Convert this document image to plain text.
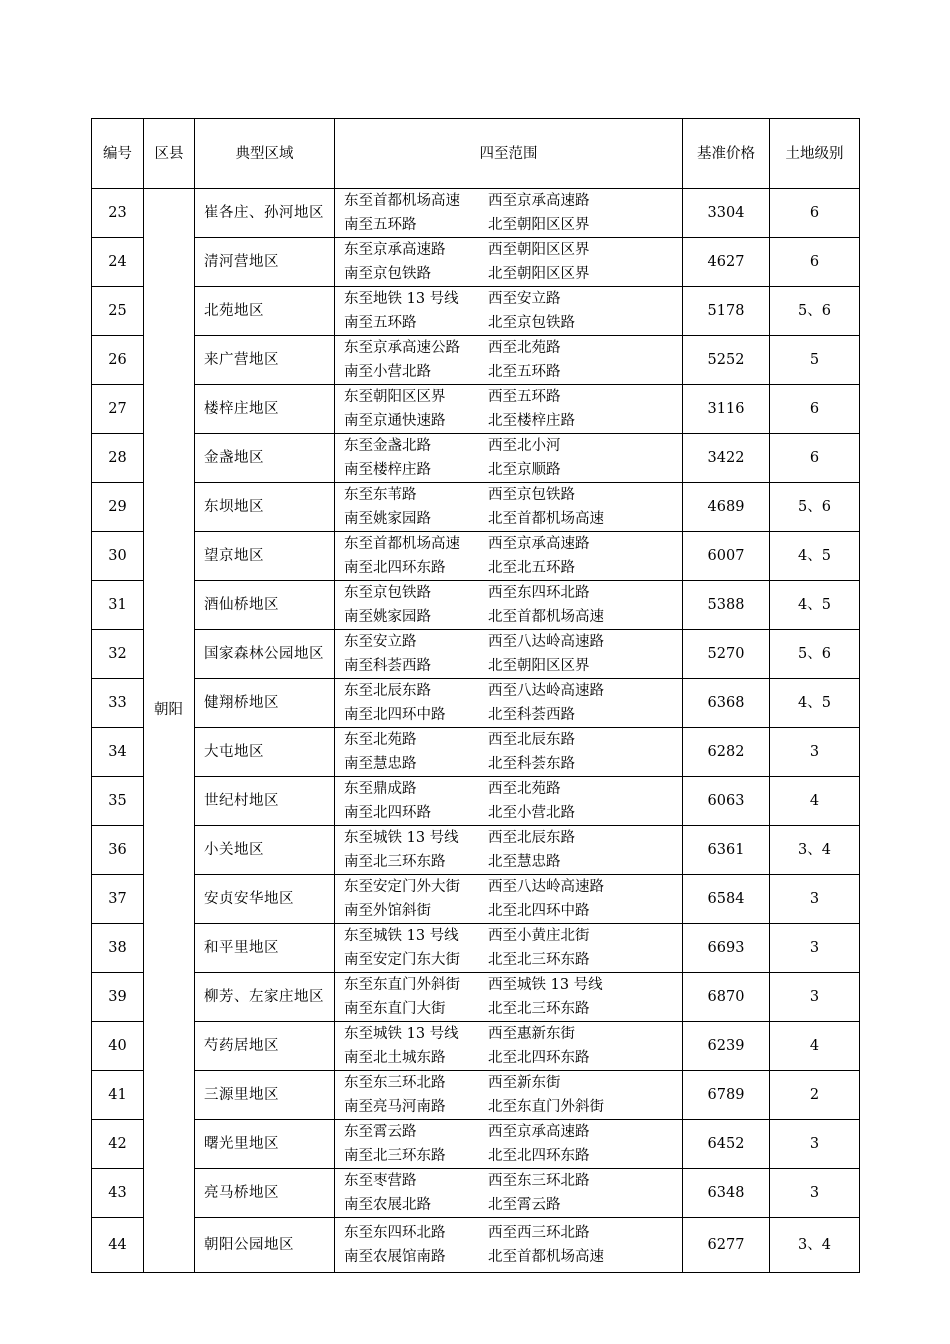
编号	区县	典型区域	四至范围	基准价格	土地级别
23	朝阳	崔各庄、孙河地区	东至首都机场高速 西至京承高速路
南至五环路 北至朝阳区区界	3304	6
24		清河营地区	东至京承高速路 西至朝阳区区界
南至京包铁路 北至朝阳区区界	4627	6
25		北苑地区	东至地铁 13 号线 西至安立路
南至五环路 北至京包铁路	5178	5、6
26		来广营地区	东至京承高速公路 西至北苑路
南至小营北路 北至五环路	5252	5
27		楼梓庄地区	东至朝阳区区界 西至五环路
南至京通快速路 北至楼梓庄路	3116	6
28		金盏地区	东至金盏北路 西至北小河
南至楼梓庄路 北至京顺路	3422	6
29		东坝地区	东至东苇路 西至京包铁路
南至姚家园路 北至首都机场高速	4689	5、6
30		望京地区	东至首都机场高速 西至京承高速路
南至北四环东路 北至北五环路	6007	4、5
31		酒仙桥地区	东至京包铁路 西至东四环北路
南至姚家园路 北至首都机场高速	5388	4、5
32		国家森林公园地区	东至安立路 西至八达岭高速路
南至科荟西路 北至朝阳区区界	5270	5、6
33		健翔桥地区	东至北辰东路 西至八达岭高速路
南至北四环中路 北至科荟西路	6368	4、5
34		大屯地区	东至北苑路 西至北辰东路
南至慧忠路 北至科荟东路	6282	3
35		世纪村地区	东至鼎成路 西至北苑路
南至北四环路 北至小营北路	6063	4
36		小关地区	东至城铁 13 号线 西至北辰东路
南至北三环东路 北至慧忠路	6361	3、4
37		安贞安华地区	东至安定门外大街 西至八达岭高速路
南至外馆斜街 北至北四环中路	6584	3
38		和平里地区	东至城铁 13 号线 西至小黄庄北街
南至安定门东大街 北至北三环东路	6693	3
39		柳芳、左家庄地区	东至东直门外斜街 西至城铁 13 号线
南至东直门大街 北至北三环东路	6870	3
40		芍药居地区	东至城铁 13 号线 西至惠新东街
南至北土城东路 北至北四环东路	6239	4
41		三源里地区	东至东三环北路 西至新东街
南至亮马河南路 北至东直门外斜街	6789	2
42		曙光里地区	东至霄云路 西至京承高速路
南至北三环东路 北至北四环东路	6452	3
43		亮马桥地区	东至枣营路 西至东三环北路
南至农展北路 北至霄云路	6348	3
44		朝阳公园地区	东至东四环北路 西至西三环北路
南至农展馆南路 北至首都机场高速	6277	3、4
